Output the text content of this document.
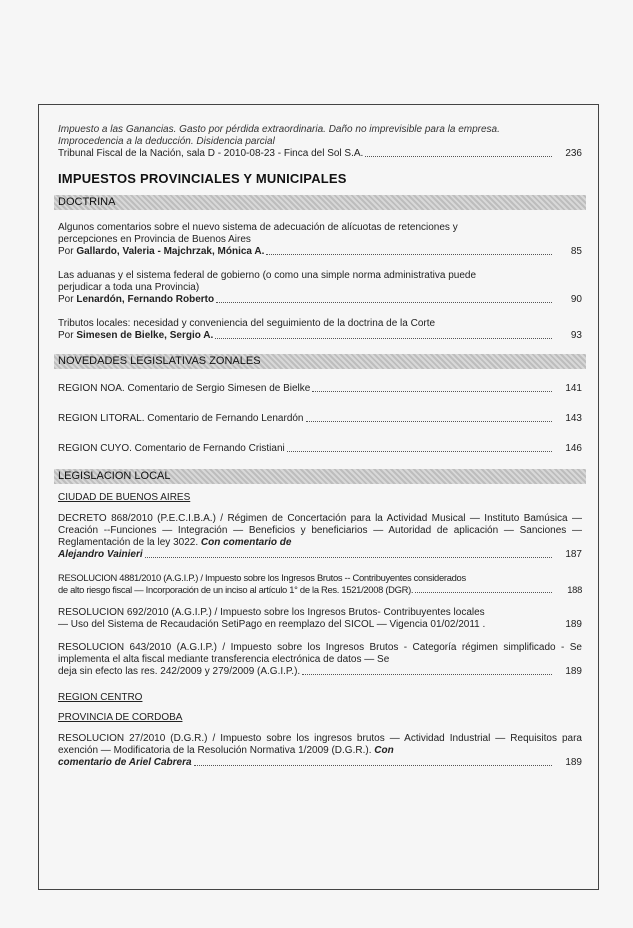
Impuesto a las Ganancias. Gasto por pérdida extraordinaria. Daño no imprevisible para la empresa.
Improcedencia a la deducción. Disidencia parcial
Tribunal Fiscal de la Nación, sala D - 2010-08-23 - Finca del Sol S.A.	236
IMPUESTOS PROVINCIALES Y MUNICIPALES
DOCTRINA
Algunos comentarios sobre el nuevo sistema de adecuación de alícuotas de retenciones y
percepciones en Provincia de Buenos Aires
Por Gallardo, Valeria - Majchrzak, Mónica A.	85
Las aduanas y el sistema federal de gobierno (o como una simple norma administrativa puede
perjudicar a toda una Provincia)
Por Lenardón, Fernando Roberto	90
Tributos locales: necesidad y conveniencia del seguimiento de la doctrina de la Corte
Por Simesen de Bielke, Sergio A.	93
NOVEDADES LEGISLATIVAS ZONALES
REGION NOA. Comentario de Sergio Simesen de Bielke	141
REGION LITORAL. Comentario de Fernando Lenardón	143
REGION CUYO. Comentario de Fernando Cristiani	146
LEGISLACION LOCAL
CIUDAD DE BUENOS AIRES
DECRETO 868/2010 (P.E.C.I.B.A.) / Régimen de Concertación para la Actividad Musical — Instituto Bamúsica — Creación --Funciones — Integración — Beneficios y beneficiarios — Autoridad de aplicación — Sanciones — Reglamentación de la ley 3022. Con comentario de
Alejandro Vainieri	187
RESOLUCION 4881/2010 (A.G.I.P.) / Impuesto sobre los Ingresos Brutos -- Contribuyentes considerados
de alto riesgo fiscal — Incorporación de un inciso al artículo 1° de la Res. 1521/2008 (DGR).	188
RESOLUCION 692/2010 (A.G.I.P.) / Impuesto sobre los Ingresos Brutos- Contribuyentes locales
— Uso del Sistema de Recaudación SetiPago en reemplazo del SICOL — Vigencia 01/02/2011 .	189
RESOLUCION 643/2010 (A.G.I.P.) / Impuesto sobre los Ingresos Brutos - Categoría régimen simplificado - Se implementa el alta fiscal mediante transferencia electrónica de datos — Se
deja sin efecto las res. 242/2009 y 279/2009 (A.G.I.P.).	189
REGION CENTRO
PROVINCIA DE CORDOBA
RESOLUCION 27/2010 (D.G.R.) / Impuesto sobre los ingresos brutos — Actividad Industrial — Requisitos para exención — Modificatoria de la Resolución Normativa 1/2009 (D.G.R.). Con
comentario de Ariel Cabrera	189
